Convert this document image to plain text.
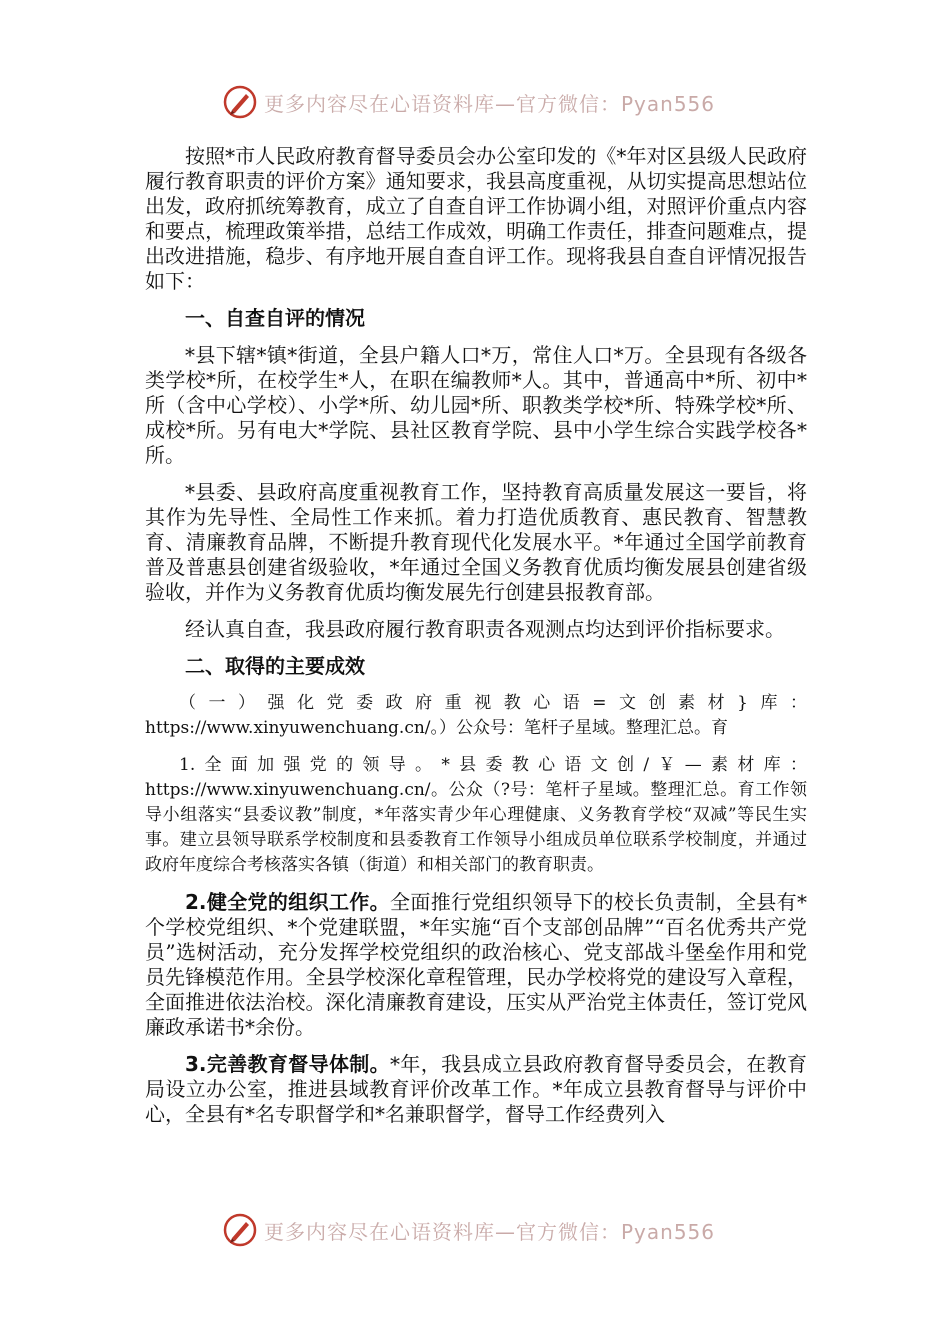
更多内容尽在心语资料库—官方微信：Pyan556

按照*市人民政府教育督导委员会办公室印发的《*年对区县级人民政府履行教育职责的评价方案》通知要求，我县高度重视，从切实提高思想站位出发，政府抓统筹教育，成立了自查自评工作协调小组，对照评价重点内容和要点，梳理政策举措，总结工作成效，明确工作责任，排查问题难点，提出改进措施，稳步、有序地开展自查自评工作。现将我县自查自评情况报告如下：

一、自查自评的情况

*县下辖*镇*街道，全县户籍人口*万，常住人口*万。全县现有各级各类学校*所，在校学生*人，在职在编教师*人。其中，普通高中*所、初中*所（含中心学校）、小学*所、幼儿园*所、职教类学校*所、特殊学校*所、成校*所。另有电大*学院、县社区教育学院、县中小学生综合实践学校各*所。

*县委、县政府高度重视教育工作，坚持教育高质量发展这一要旨，将其作为先导性、全局性工作来抓。着力打造优质教育、惠民教育、智慧教育、清廉教育品牌，不断提升教育现代化发展水平。*年通过全国学前教育普及普惠县创建省级验收，*年通过全国义务教育优质均衡发展县创建省级验收，并作为义务教育优质均衡发展先行创建县报教育部。

经认真自查，我县政府履行教育职责各观测点均达到评价指标要求。

二、取得的主要成效

（一）强化党委政府重视教心语=文创素材}库：https://www.xinyuwenchuang.cn/。）公众号：笔杆子星域。整理汇总。育

1.全面加强党的领导。*县委教心语文创/￥—素材库：https://www.xinyuwenchuang.cn/。公众（?号：笔杆子星域。整理汇总。育工作领导小组落实“县委议教”制度，*年落实青少年心理健康、义务教育学校“双减”等民生实事。建立县领导联系学校制度和县委教育工作领导小组成员单位联系学校制度，并通过政府年度综合考核落实各镇（街道）和相关部门的教育职责。

2.健全党的组织工作。全面推行党组织领导下的校长负责制，全县有*个学校党组织、*个党建联盟，*年实施“百个支部创品牌”“百名优秀共产党员”选树活动，充分发挥学校党组织的政治核心、党支部战斗堡垒作用和党员先锋模范作用。全县学校深化章程管理，民办学校将党的建设写入章程，全面推进依法治校。深化清廉教育建设，压实从严治党主体责任，签订党风廉政承诺书*余份。

3.完善教育督导体制。*年，我县成立县政府教育督导委员会，在教育局设立办公室，推进县域教育评价改革工作。*年成立县教育督导与评价中心，全县有*名专职督学和*名兼职督学，督导工作经费列入

更多内容尽在心语资料库—官方微信：Pyan556
